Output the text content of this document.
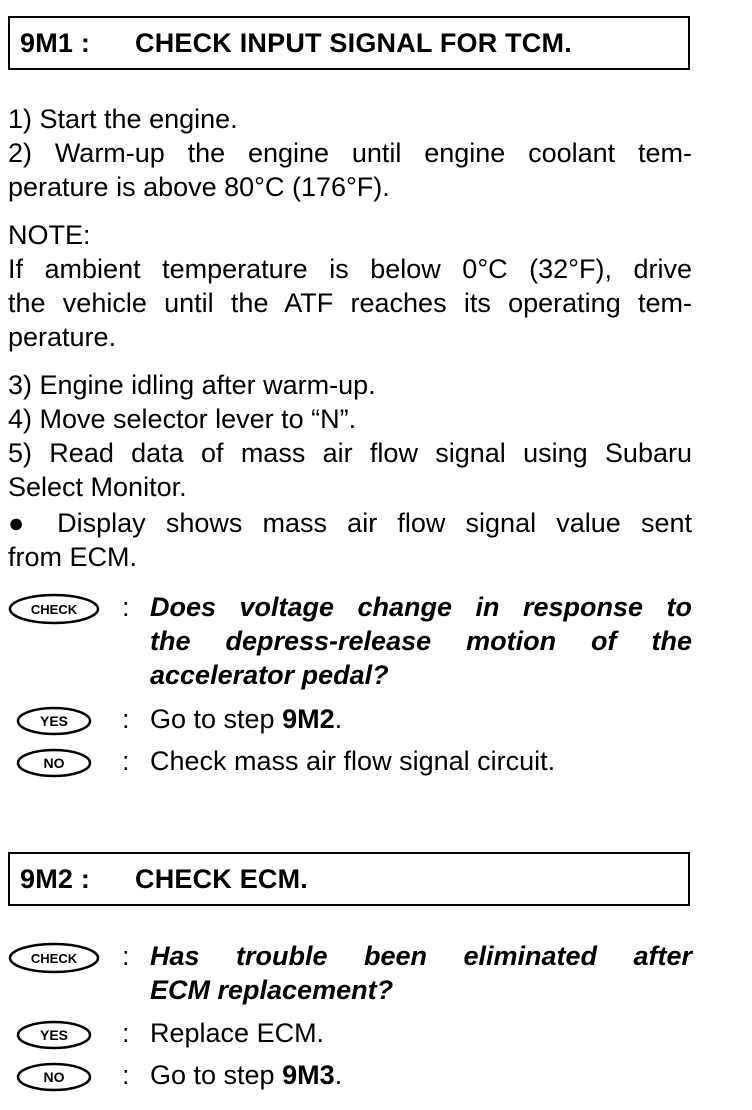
9M1 : CHECK INPUT SIGNAL FOR TCM.
1) Start the engine.
2) Warm-up the engine until engine coolant tem-
perature is above 80°C (176°F).
NOTE:
If ambient temperature is below 0°C (32°F), drive
the vehicle until the ATF reaches its operating tem-
perature.
3) Engine idling after warm-up.
4) Move selector lever to “N”.
5) Read data of mass air flow signal using Subaru
Select Monitor.
● Display shows mass air flow signal value sent
from ECM.
CHECK : Does voltage change in response to
the depress-release motion of the
accelerator pedal?
YES : Go to step 9M2.
NO : Check mass air flow signal circuit.
9M2 : CHECK ECM.
CHECK : Has trouble been eliminated after
ECM replacement?
YES : Replace ECM.
NO : Go to step 9M3.
